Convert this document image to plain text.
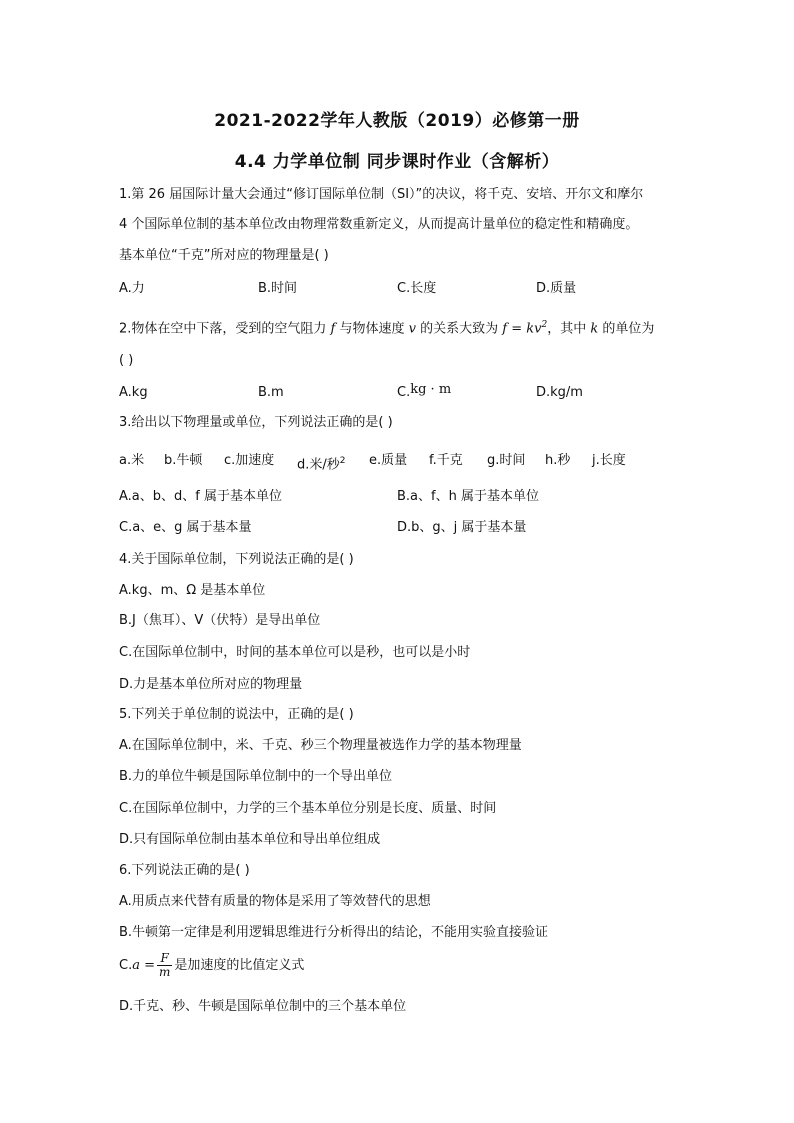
2021-2022学年人教版（2019）必修第一册
4.4 力学单位制 同步课时作业（含解析）
1.第 26 届国际计量大会通过“修订国际单位制（SI）”的决议，将千克、安培、开尔文和摩尔
4 个国际单位制的基本单位改由物理常数重新定义，从而提高计量单位的稳定性和精确度。
基本单位“千克”所对应的物理量是( )
A.力	B.时间	C.长度	D.质量
2.物体在空中下落，受到的空气阻力 f 与物体速度 v 的关系大致为 $f = kv^2$，其中 k 的单位为
( )
A.kg	B.m	C.kg · m	D.kg/m
3.给出以下物理量或单位，下列说法正确的是( )
a.米 b.牛顿 c.加速度 d.米/秒$^2$ e.质量 f.千克 g.时间 h.秒 j.长度
A.a、b、d、f 属于基本单位	B.a、f、h 属于基本单位
C.a、e、g 属于基本量	D.b、g、j 属于基本量
4.关于国际单位制，下列说法正确的是( )
A.kg、m、Ω 是基本单位
B.J（焦耳）、V（伏特）是导出单位
C.在国际单位制中，时间的基本单位可以是秒，也可以是小时
D.力是基本单位所对应的物理量
5.下列关于单位制的说法中，正确的是( )
A.在国际单位制中，米、千克、秒三个物理量被选作力学的基本物理量
B.力的单位牛顿是国际单位制中的一个导出单位
C.在国际单位制中，力学的三个基本单位分别是长度、质量、时间
D.只有国际单位制由基本单位和导出单位组成
6.下列说法正确的是( )
A.用质点来代替有质量的物体是采用了等效替代的思想
B.牛顿第一定律是利用逻辑思维进行分析得出的结论，不能用实验直接验证
$C.a = \frac{F}{m}$ 是加速度的比值定义式
D.千克、秒、牛顿是国际单位制中的三个基本单位
